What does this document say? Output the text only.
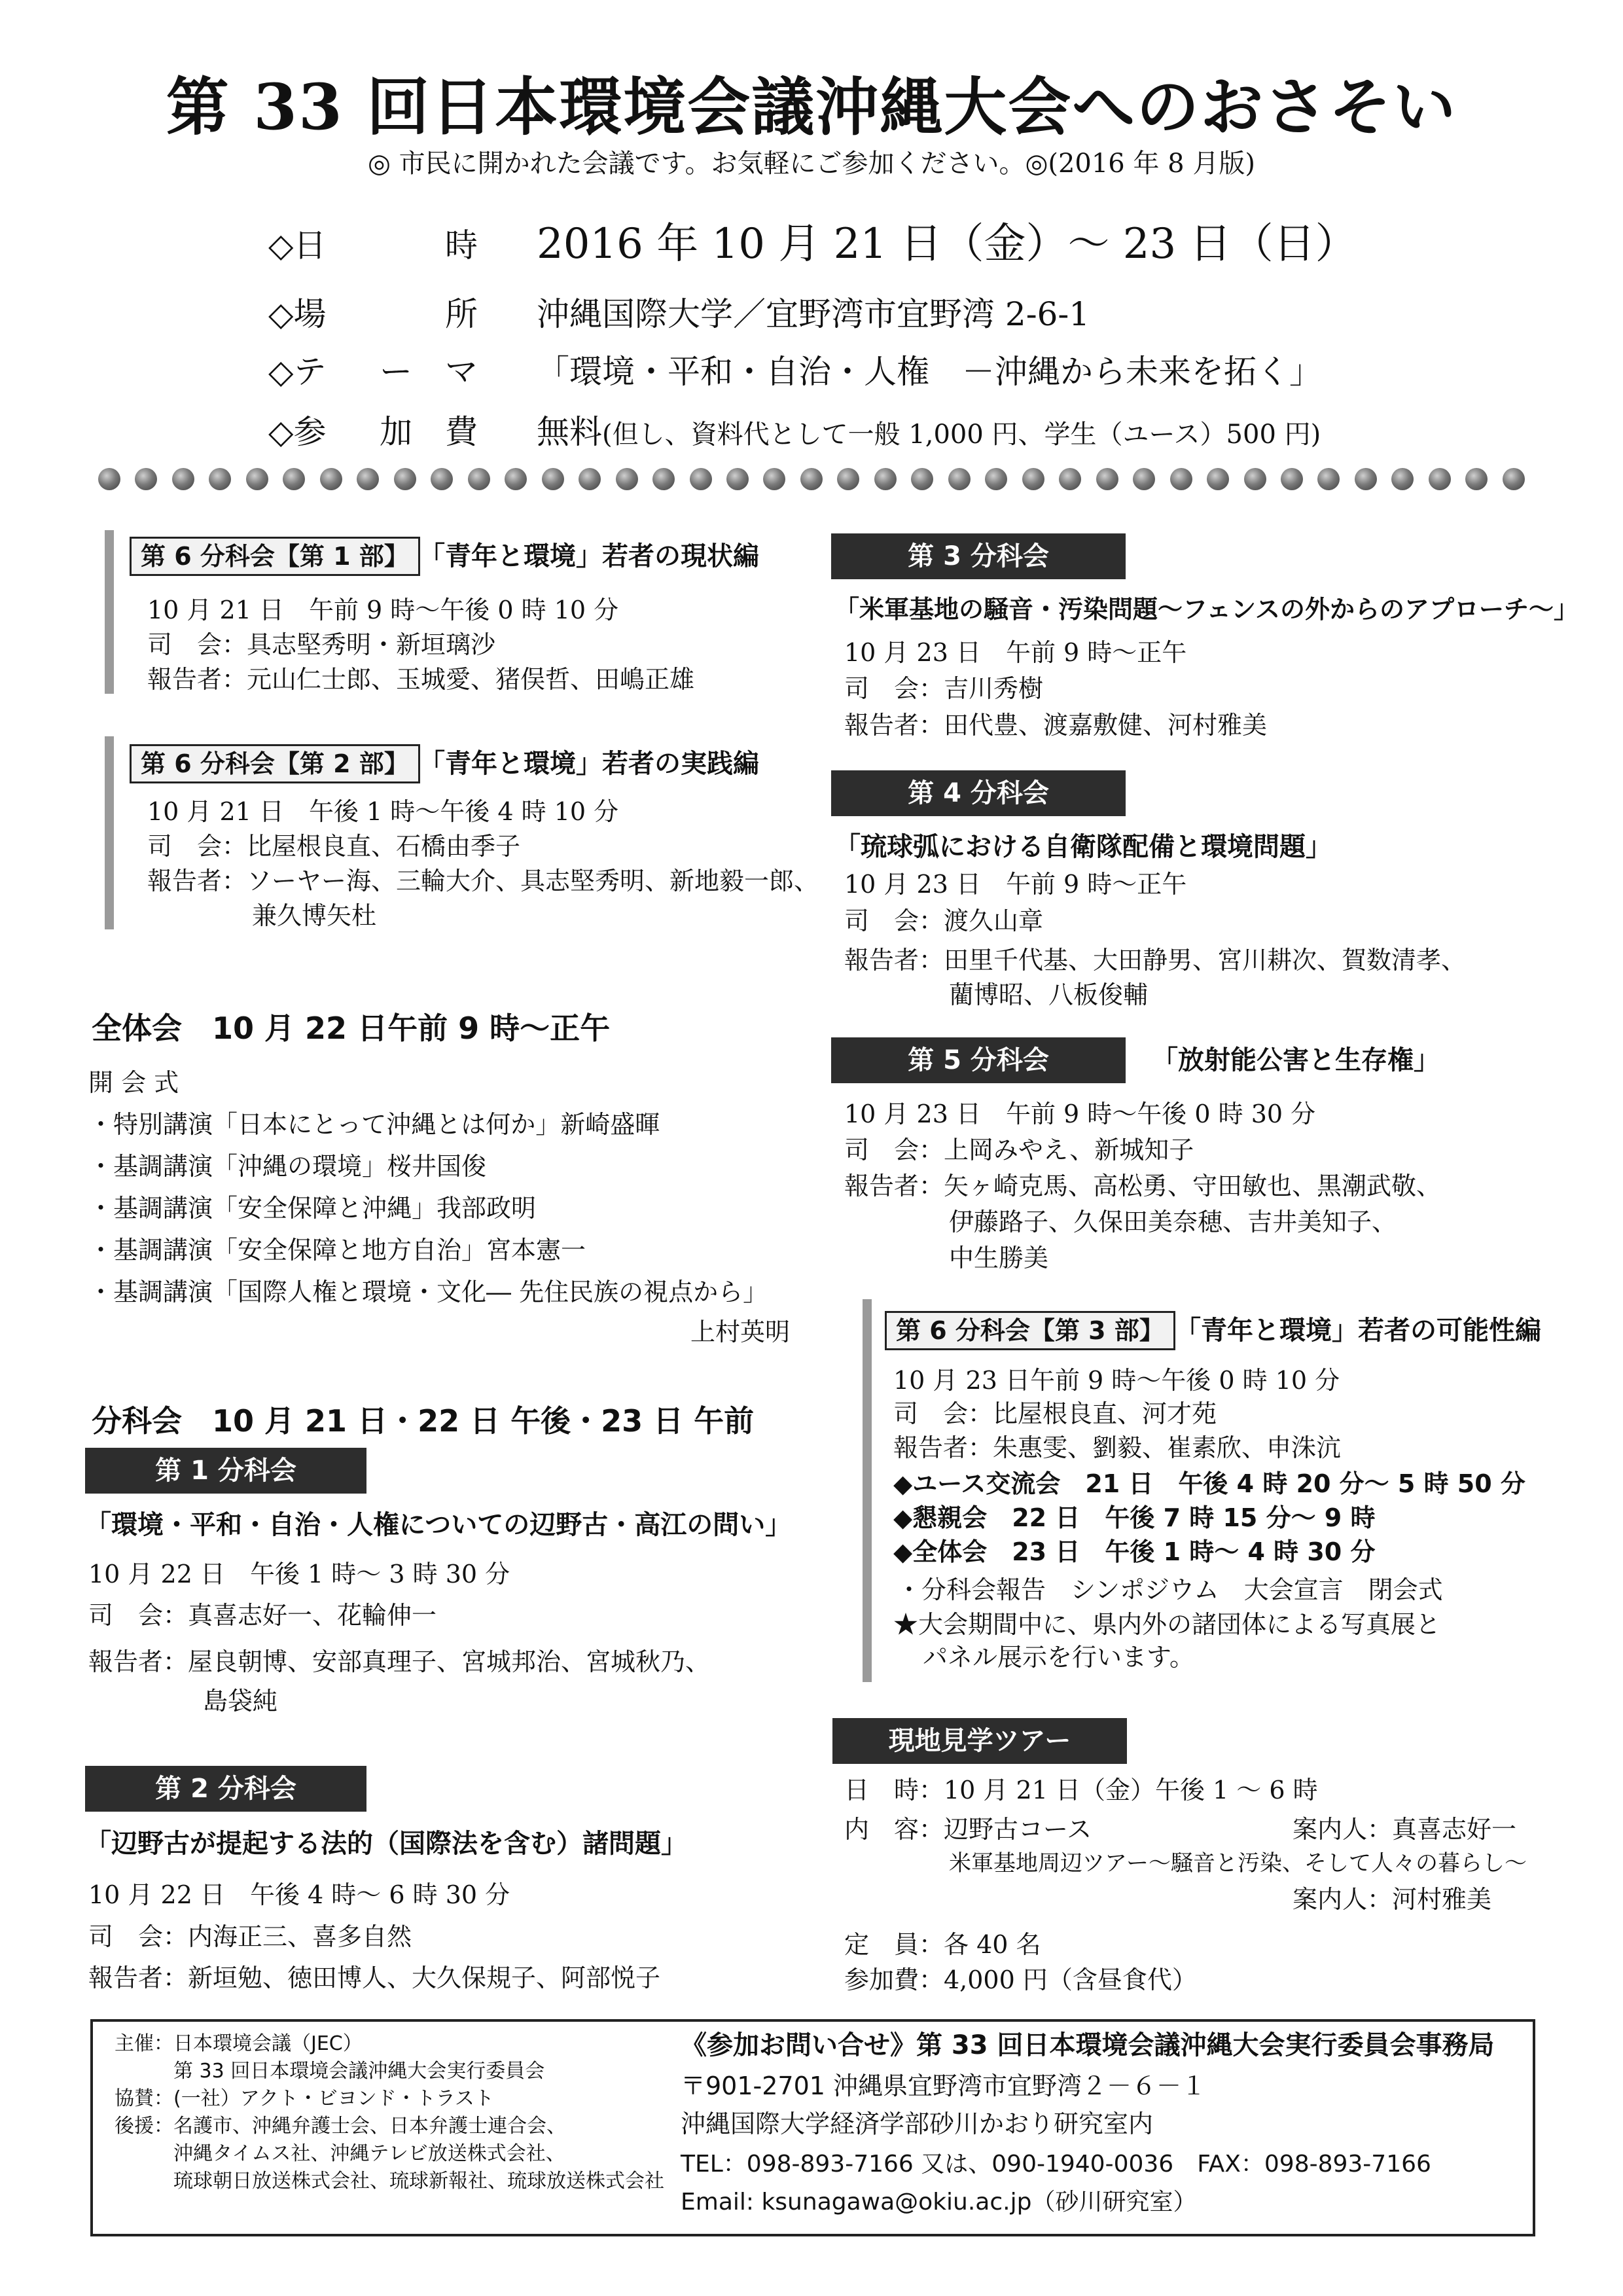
第 33 回日本環境会議沖縄大会へのおさそい
◎ 市民に開かれた会議です。お気軽にご参加ください。◎(2016 年 8 月版)
◇日	時 2016 年 10 月 21 日（金）～ 23 日（日）
◇場	所 沖縄国際大学／宜野湾市宜野湾 2-6-1
◇テ ー マ 「環境・平和・自治・人権　－沖縄から未来を拓く」
◇参 加 費 無料(但し、資料代として一般 1,000 円、学生（ユース）500 円)
第 6 分科会【第 1 部】 「青年と環境」若者の現状編
10 月 21 日　午前 9 時～午後 0 時 10 分
司　会：具志堅秀明・新垣璃沙
報告者：元山仁士郎、玉城愛、猪俣哲、田嶋正雄
第 6 分科会【第 2 部】 「青年と環境」若者の実践編
10 月 21 日　午後 1 時～午後 4 時 10 分
司　会：比屋根良直、石橋由季子
報告者：ソーヤー海、三輪大介、具志堅秀明、新地毅一郎、
兼久博矢杜
全体会　10 月 22 日午前 9 時～正午
開 会 式
・特別講演「日本にとって沖縄とは何か」新崎盛暉
・基調講演「沖縄の環境」桜井国俊
・基調講演「安全保障と沖縄」我部政明
・基調講演「安全保障と地方自治」宮本憲一
・基調講演「国際人権と環境・文化― 先住民族の視点から」
上村英明
分科会　10 月 21 日・22 日 午後・23 日 午前
第 1 分科会
「環境・平和・自治・人権についての辺野古・高江の問い」
10 月 22 日　午後 1 時～ 3 時 30 分
司　会：真喜志好一、花輪伸一
報告者：屋良朝博、安部真理子、宮城邦治、宮城秋乃、
島袋純
第 2 分科会
「辺野古が提起する法的（国際法を含む）諸問題」
10 月 22 日　午後 4 時～ 6 時 30 分
司　会：内海正三、喜多自然
報告者：新垣勉、徳田博人、大久保規子、阿部悦子
第 3 分科会
「米軍基地の騒音・汚染問題～フェンスの外からのアプローチ～」
10 月 23 日　午前 9 時～正午
司　会：吉川秀樹
報告者：田代豊、渡嘉敷健、河村雅美
第 4 分科会
「琉球弧における自衛隊配備と環境問題」
10 月 23 日　午前 9 時～正午
司　会：渡久山章
報告者：田里千代基、大田静男、宮川耕次、賀数清孝、
藺博昭、八板俊輔
第 5 分科会	「放射能公害と生存権」
10 月 23 日　午前 9 時～午後 0 時 30 分
司　会：上岡みやえ、新城知子
報告者：矢ヶ崎克馬、高松勇、守田敏也、黒潮武敬、
伊藤路子、久保田美奈穂、吉井美知子、
中生勝美
第 6 分科会【第 3 部】 「青年と環境」若者の可能性編
10 月 23 日午前 9 時～午後 0 時 10 分
司　会：比屋根良直、河才苑
報告者：朱惠雯、劉毅、崔素欣、申洙沆
◆ユース交流会　21 日　午後 4 時 20 分～ 5 時 50 分
◆懇親会　22 日　午後 7 時 15 分～ 9 時
◆全体会　23 日　午後 1 時～ 4 時 30 分
・分科会報告　シンポジウム　大会宣言　閉会式
★大会期間中に、県内外の諸団体による写真展と
パネル展示を行います。
現地見学ツアー
日　時：10 月 21 日（金）午後 1 ～ 6 時
内　容：辺野古コース	案内人：真喜志好一
米軍基地周辺ツアー～騒音と汚染、そして人々の暮らし～
案内人：河村雅美
定　員：各 40 名
参加費：4,000 円（含昼食代）
主催：日本環境会議（JEC）
第 33 回日本環境会議沖縄大会実行委員会
協賛：(一社）アクト・ビヨンド・トラスト
後援：名護市、沖縄弁護士会、日本弁護士連合会、
沖縄タイムス社、沖縄テレビ放送株式会社、
琉球朝日放送株式会社、琉球新報社、琉球放送株式会社
《参加お問い合せ》第 33 回日本環境会議沖縄大会実行委員会事務局
〒901-2701 沖縄県宜野湾市宜野湾２－６－１
沖縄国際大学経済学部砂川かおり研究室内
TEL：098-893-7166 又は、090-1940-0036　FAX：098-893-7166
Email: ksunagawa@okiu.ac.jp（砂川研究室）
